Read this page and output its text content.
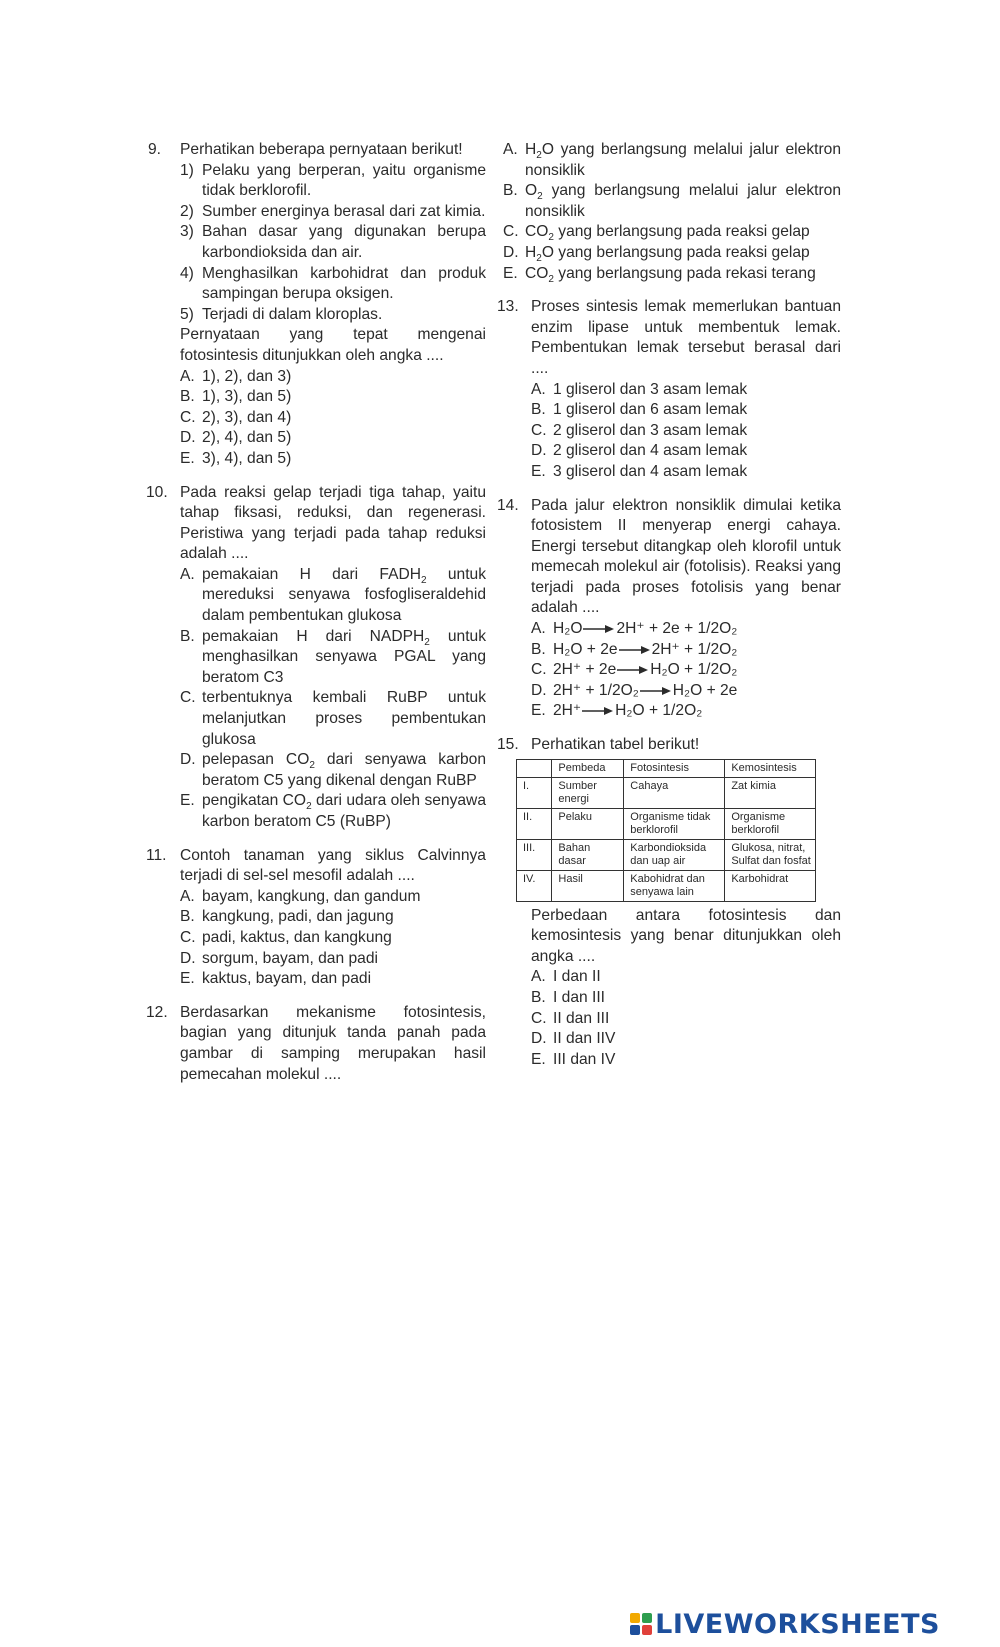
9. Perhatikan beberapa pernyataan berikut!
1) Pelaku yang berperan, yaitu organisme tidak berklorofil.
2) Sumber energinya berasal dari zat kimia.
3) Bahan dasar yang digunakan berupa karbondioksida dan air.
4) Menghasilkan karbohidrat dan produk sampingan berupa oksigen.
5) Terjadi di dalam kloroplas.
Pernyataan yang tepat mengenai fotosintesis ditunjukkan oleh angka ....
A. 1), 2), dan 3)
B. 1), 3), dan 5)
C. 2), 3), dan 4)
D. 2), 4), dan 5)
E. 3), 4), dan 5)
10. Pada reaksi gelap terjadi tiga tahap, yaitu tahap fiksasi, reduksi, dan regenerasi. Peristiwa yang terjadi pada tahap reduksi adalah ....
A. pemakaian H dari $FADH_2$ untuk mereduksi senyawa fosfogliseraldehid dalam pembentukan glukosa
B. pemakaian H dari $NADPH_2$ untuk menghasilkan senyawa PGAL yang beratom C3
C. terbentuknya kembali RuBP untuk melanjutkan proses pembentukan glukosa
D. pelepasan $CO_2$ dari senyawa karbon beratom C5 yang dikenal dengan RuBP
E. pengikatan $CO_2$ dari udara oleh senyawa karbon beratom C5 (RuBP)
11. Contoh tanaman yang siklus Calvinnya terjadi di sel-sel mesofil adalah ....
A. bayam, kangkung, dan gandum
B. kangkung, padi, dan jagung
C. padi, kaktus, dan kangkung
D. sorgum, bayam, dan padi
E. kaktus, bayam, dan padi
12. Berdasarkan mekanisme fotosintesis, bagian yang ditunjuk tanda panah pada gambar di samping merupakan hasil pemecahan molekul ....
A. $H_2O$ yang berlangsung melalui jalur elektron nonsiklik
B. $O_2$ yang berlangsung melalui jalur elektron nonsiklik
C. $CO_2$ yang berlangsung pada reaksi gelap
D. $H_2O$ yang berlangsung pada reaksi gelap
E. $CO_2$ yang berlangsung pada rekasi terang
13. Proses sintesis lemak memerlukan bantuan enzim lipase untuk membentuk lemak. Pembentukan lemak tersebut berasal dari ....
A. 1 gliserol dan 3 asam lemak
B. 1 gliserol dan 6 asam lemak
C. 2 gliserol dan 3 asam lemak
D. 2 gliserol dan 4 asam lemak
E. 3 gliserol dan 4 asam lemak
14. Pada jalur elektron nonsiklik dimulai ketika fotosistem II menyerap energi cahaya. Energi tersebut ditangkap oleh klorofil untuk memecah molekul air (fotolisis). Reaksi yang terjadi pada proses fotolisis yang benar adalah ....
A. H₂O→2H⁺ + 2e + 1/2O₂
B. H₂O + 2e→2H⁺ + 1/2O₂
C. 2H⁺ + 2e→H₂O + 1/2O₂
D. 2H⁺ + 1/2O₂→H₂O + 2e
E. 2H⁺→H₂O + 1/2O₂
15. Perhatikan tabel berikut!
	Pembeda	Fotosintesis	Kemosintesis
I.	Sumber energi	Cahaya	Zat kimia
II.	Pelaku	Organisme tidak berklorofil	Organisme berklorofil
III.	Bahan dasar	Karbondioksida dan uap air	Glukosa, nitrat, Sulfat dan fosfat
IV.	Hasil	Kabohidrat dan senyawa lain	Karbohidrat
Perbedaan antara fotosintesis dan kemosintesis yang benar ditunjukkan oleh angka ....
A. I dan II
B. I dan III
C. II dan III
D. II dan IIV
E. III dan IV
LIVEWORKSHEETS
